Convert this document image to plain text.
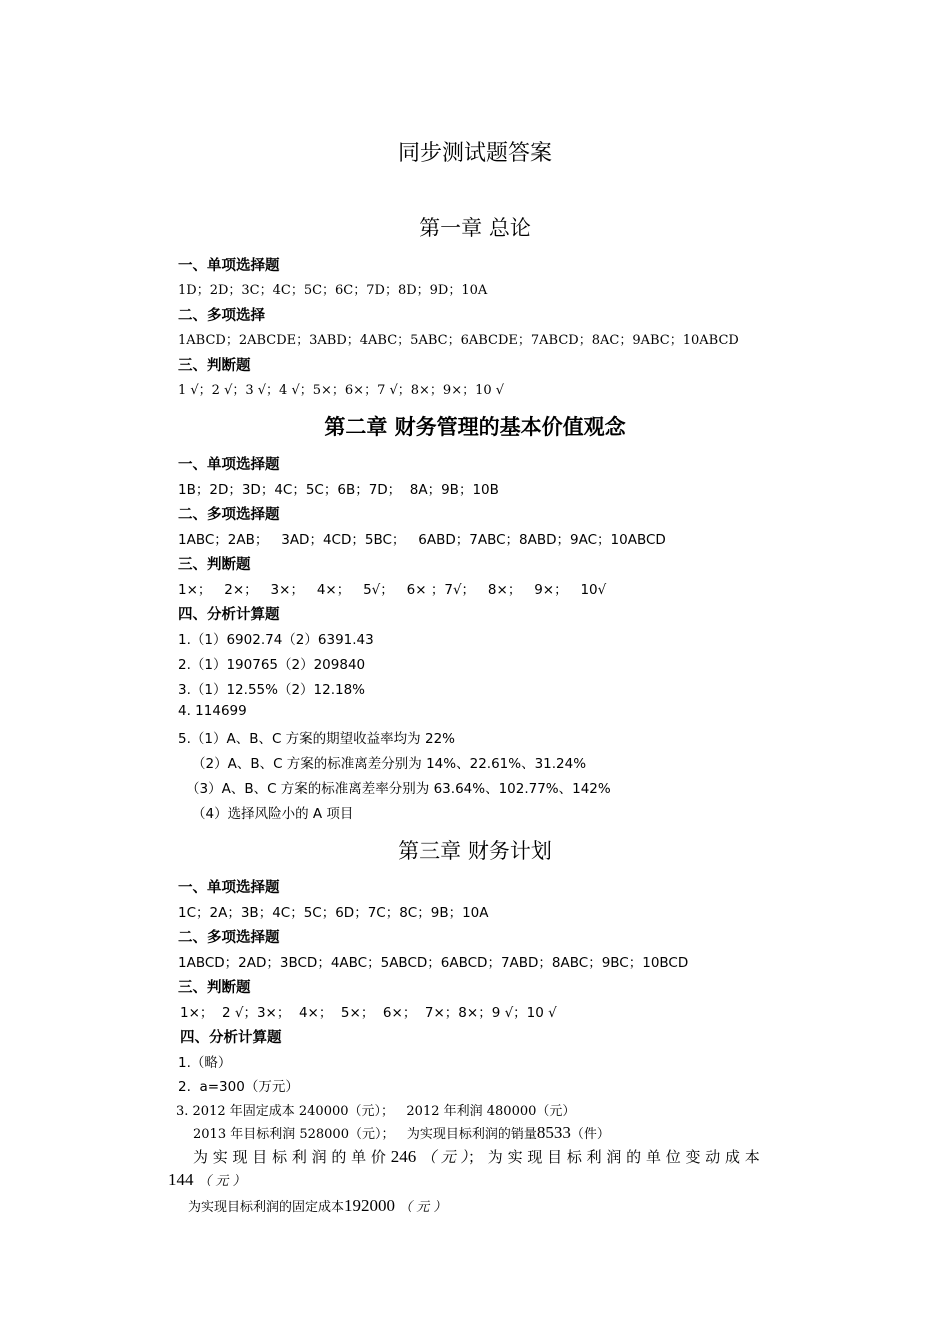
同步测试题答案
第一章 总论
一、单项选择题
1D；2D；3C；4C；5C；6C；7D；8D；9D；10A
二、多项选择
1ABCD；2ABCDE；3ABD；4ABC；5ABC；6ABCDE；7ABCD；8AC；9ABC；10ABCD
三、判断题
1 √；2 √；3 √；4 √；5×；6×；7 √；8×；9×；10 √
第二章 财务管理的基本价值观念
一、单项选择题
1B；2D；3D；4C；5C；6B；7D；  8A；9B；10B
二、多项选择题
1ABC；2AB；   3AD；4CD；5BC；   6ABD；7ABC；8ABD；9AC；10ABCD
三、判断题
1×；   2×；   3×；   4×；   5√；   6× ；7√；   8×；   9×；   10√
四、分析计算题
1.（1）6902.74（2）6391.43
2.（1）190765（2）209840
3.（1）12.55%（2）12.18%
4. 114699
5.（1）A、B、C 方案的期望收益率均为 22%
（2）A、B、C 方案的标准离差分别为 14%、22.61%、31.24%
（3）A、B、C 方案的标准离差率分别为 63.64%、102.77%、142%
（4）选择风险小的 A 项目
第三章 财务计划
一、单项选择题
1C；2A；3B；4C；5C；6D；7C；8C；9B；10A
二、多项选择题
1ABCD；2AD；3BCD；4ABC；5ABCD；6ABCD；7ABD；8ABC；9BC；10BCD
三、判断题
1×；  2 √；3×；  4×；  5×；  6×；  7×；8×；9 √；10 √
四、分析计算题
1.（略）
2.  a=300（万元）
3. 2012 年固定成本 240000（元）；   2012 年利润 480000（元）
2013 年目标利润 528000（元）；   为实现目标利润的销量8533（件）
为 实 现 目 标 利 润 的 单 价 246 （ 元 ）； 为 实 现 目 标 利 润 的 单 位 变 动 成 本
144 （ 元 ）
为实现目标利润的固定成本192000 （ 元 ）
